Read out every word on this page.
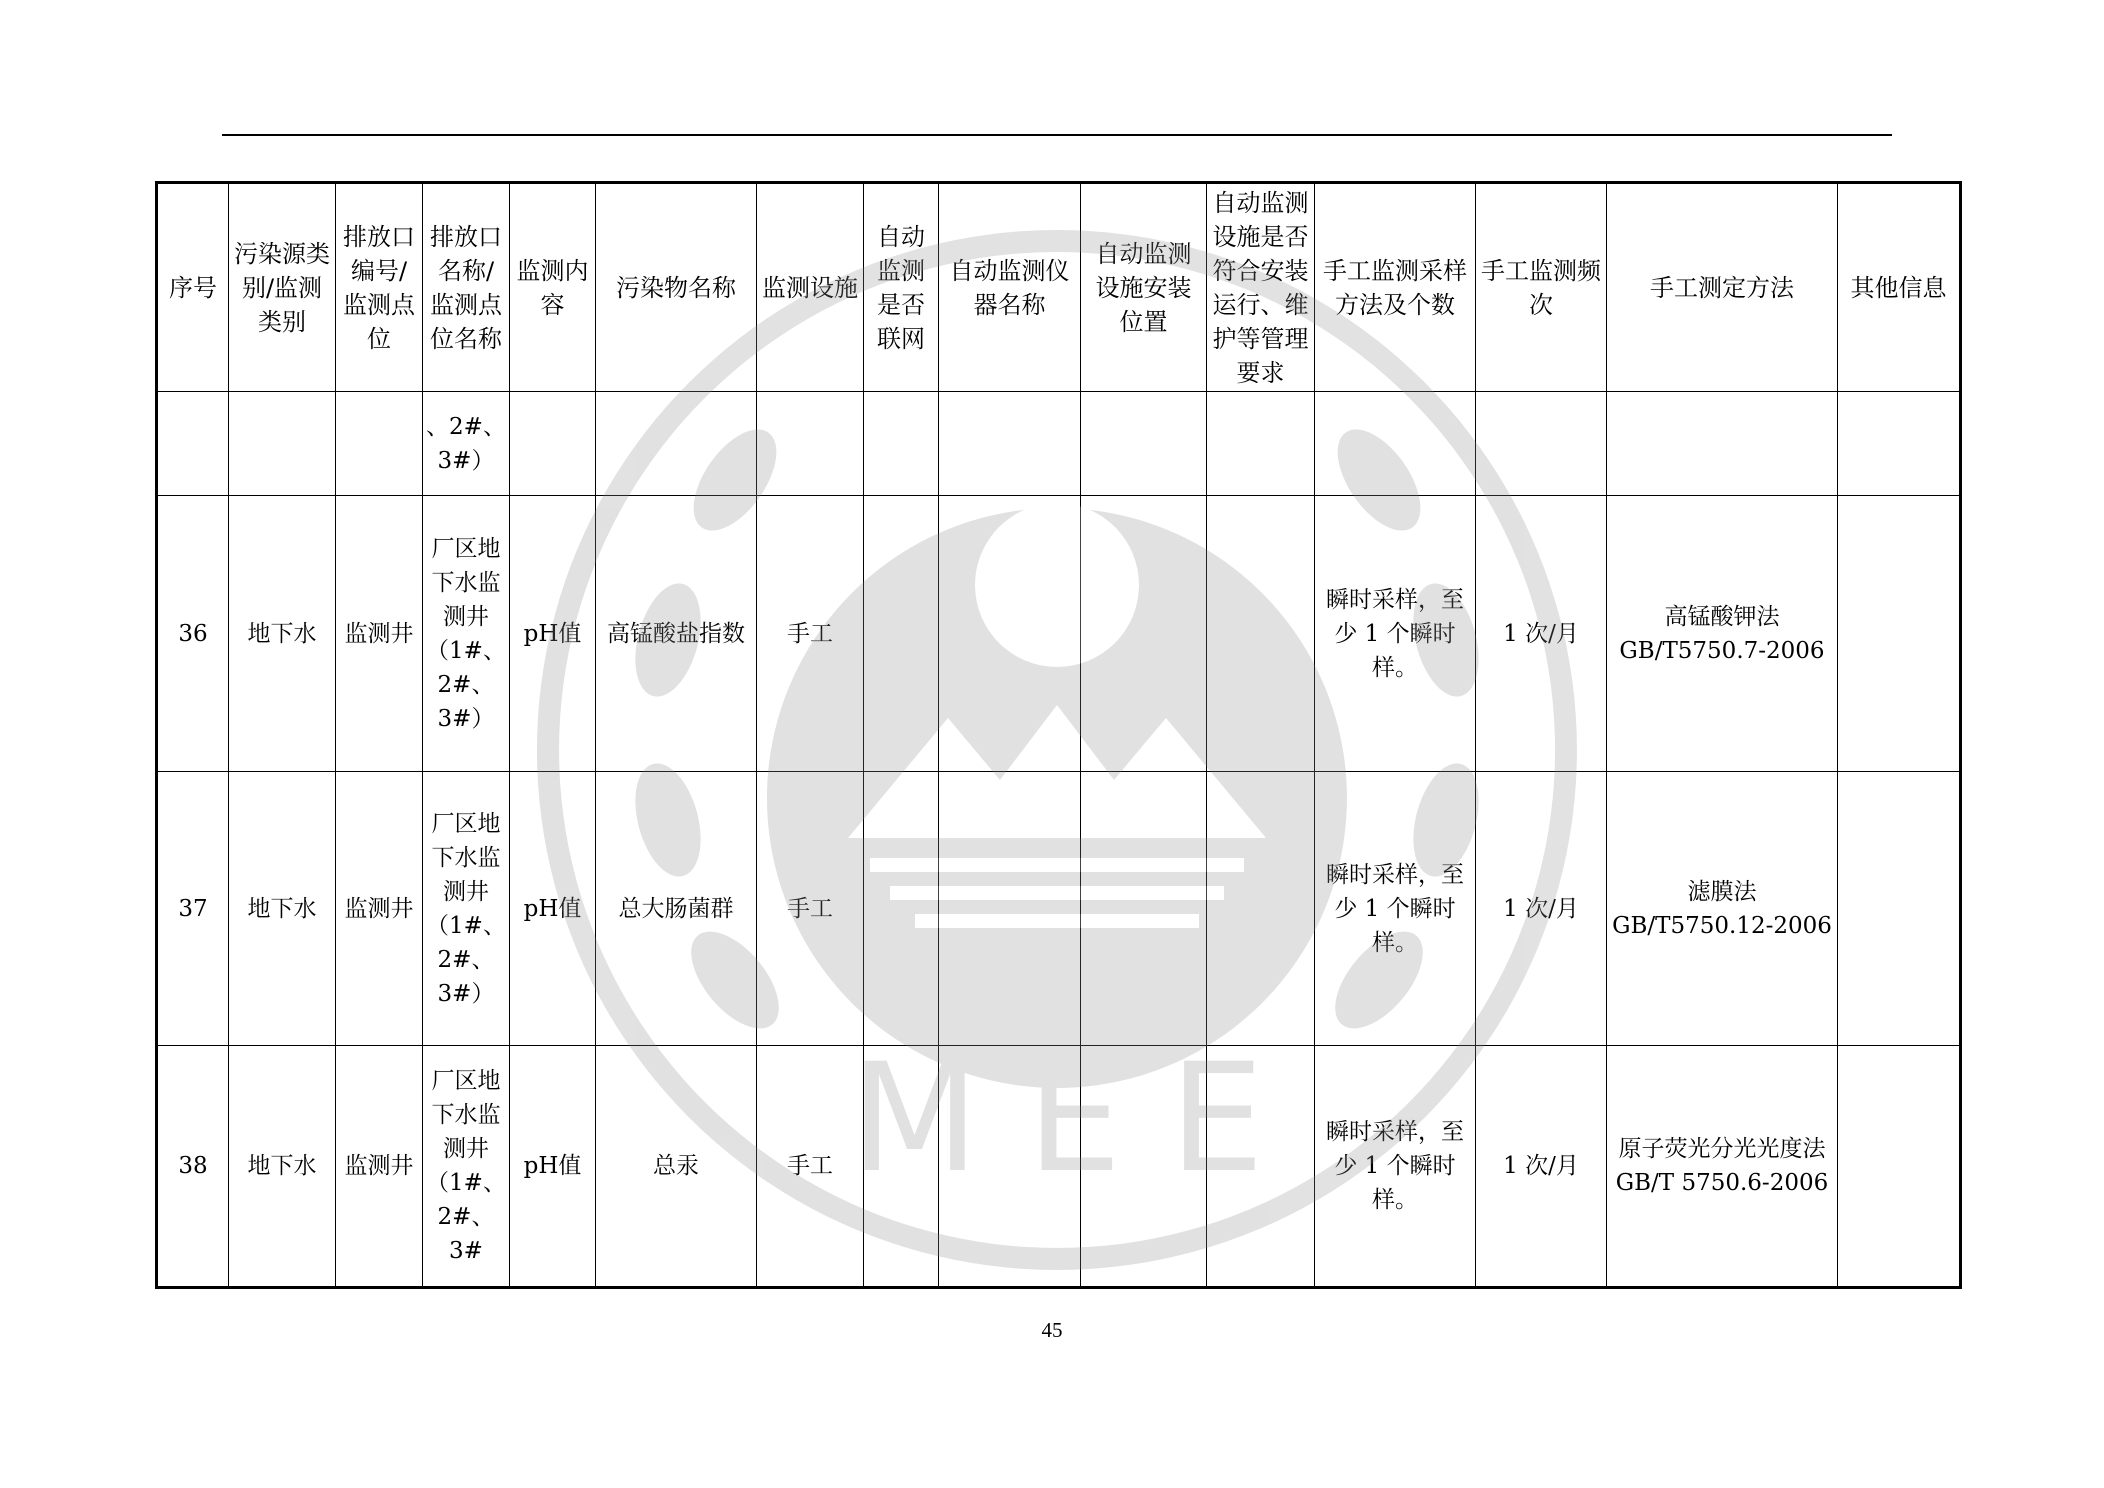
序号	污染源类别/监测类别	排放口编号/监测点位	排放口名称/监测点位名称	监测内容	污染物名称	监测设施	自动监测是否联网	自动监测仪器名称	自动监测设施安装位置	自动监测设施是否符合安装运行、维护等管理要求	手工监测采样方法及个数	手工监测频次	手工测定方法	其他信息
			、2#、3#）											
36	地下水	监测井	厂区地下水监测井（1#、2#、3#）	pH值	高锰酸盐指数	手工					瞬时采样，至少 1 个瞬时样。	1 次/月	高锰酸钾法GB/T5750.7-2006	
37	地下水	监测井	厂区地下水监测井（1#、2#、3#）	pH值	总大肠菌群	手工					瞬时采样，至少 1 个瞬时样。	1 次/月	滤膜法GB/T5750.12-2006	
38	地下水	监测井	厂区地下水监测井（1#、2#、3#	pH值	总汞	手工					瞬时采样，至少 1 个瞬时样。	1 次/月	原子荧光分光光度法 GB/T 5750.6-2006	
M E E
45
